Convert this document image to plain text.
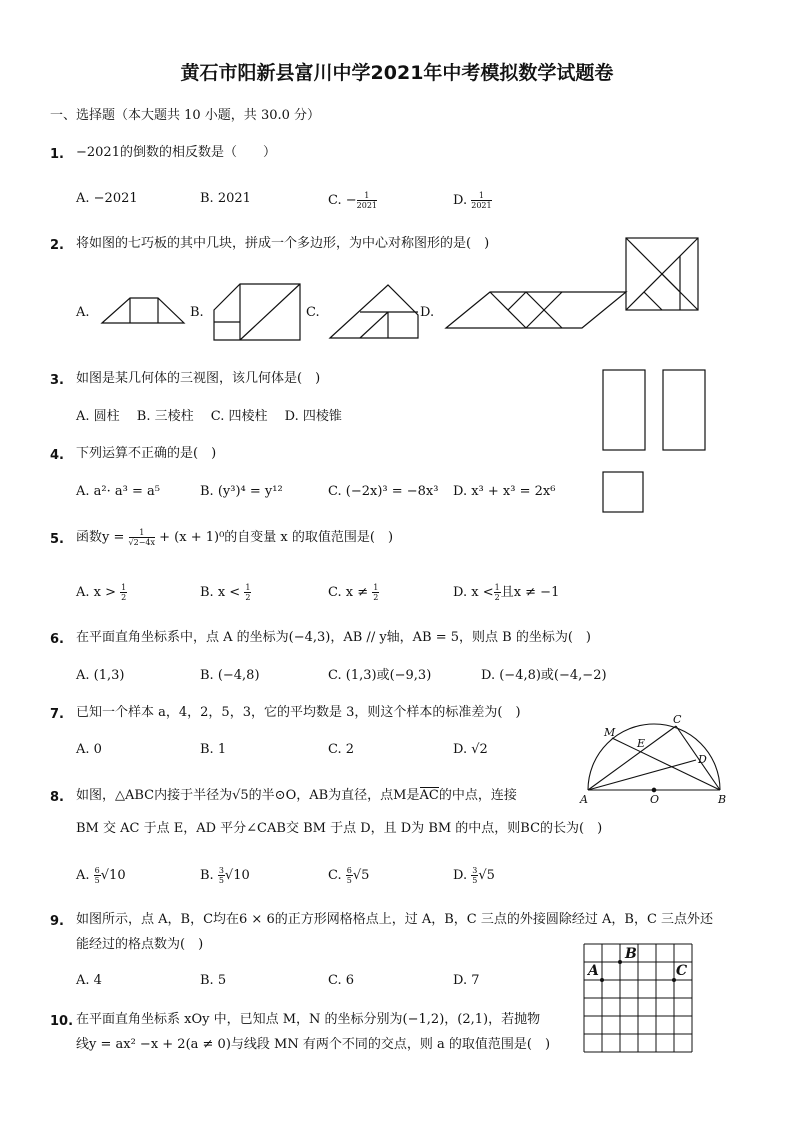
黄石市阳新县富川中学2021年中考模拟数学试题卷
一、选择题（本大题共 10 小题，共 30.0 分）
1. −2021的倒数的相反数是（　　）
A. −2021	B. 2021	C. − $\frac{1}{2021}$	D. $\frac{1}{2021}$
2. 将如图的七巧板的其中几块，拼成一个多边形，为中心对称图形的是(　)
A.	B.	C.	D.
M
C
E
D
A	O	B
A
B
C
3. 如图是某几何体的三视图，该几何体是(　)
A. 圆柱　 B. 三棱柱　 C. 四棱柱　 D. 四棱锥
4. 下列运算不正确的是(　)
A. a²· a³ = a⁵	B. (y³)⁴ = y¹²	C. (−2x)³ = −8x³ D. x³ + x³ = 2x⁶
5. 函数$y = \frac{1}{√2-4x} + (x + 1)^0$的自变量 x 的取值范围是(　)
A. $x > \frac{1}{2}$	B. $x < \frac{1}{2}$	C. $x \ne \frac{1}{2}$	D. $x < \frac{1}{2}$ 且x ≠ −1
6. 在平面直角坐标系中，点 A 的坐标为(−4,3)，AB // y轴，AB = 5，则点 B 的坐标为(　)
A. (1,3)	B. (−4,8)	C. (1,3)或(−9,3)	D. (−4,8)或(−4,−2)
7. 已知一个样本 a，4，2，5，3，它的平均数是 3，则这个样本的标准差为(　)
A. 0	B. 1	C. 2	D. √2
8. 如图，△ABC内接于半径为√5的半⊙O，AB为直径，点M是AC的中点，连接
BM 交 AC 于点 E，AD 平分∠CAB交 BM 于点 D，且 D为 BM 的中点，则BC的长为(　)
A. $\frac{6}{5} √10$	B. $\frac{3}{5} √10$	C. $\frac{6}{5} √5$	D. $\frac{3}{5} √5$
9. 如图所示，点 A，B，C均在6 × 6的正方形网格格点上，过 A，B，C 三点的外接圆除经过 A，B，C 三点外还
能经过的格点数为(　)
A. 4	B. 5	C. 6	D. 7
10. 在平面直角坐标系 xOy 中，已知点 M，N 的坐标分别为(−1,2)，(2,1)，若抛物
线y = ax² −x + 2(a ≠ 0)与线段 MN 有两个不同的交点，则 a 的取值范围是(　)
